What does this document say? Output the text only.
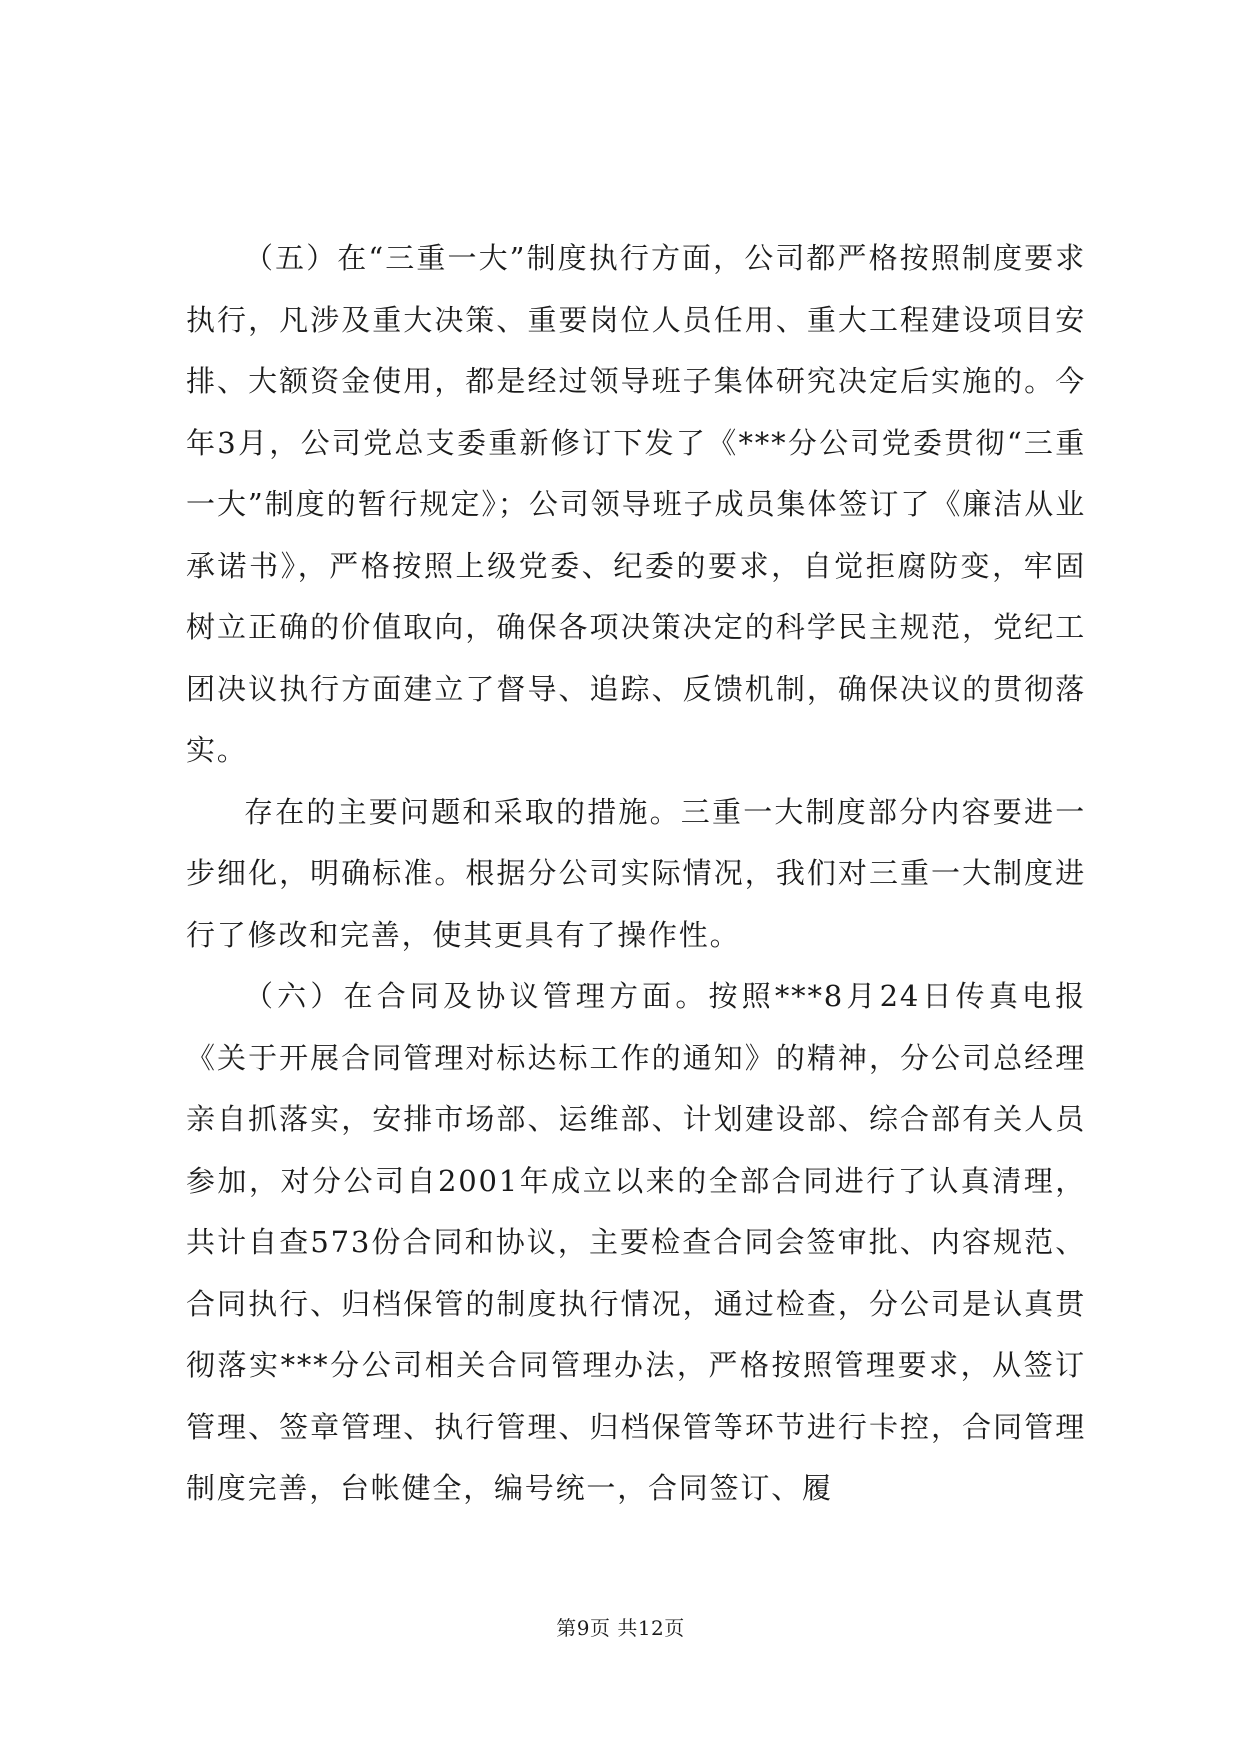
（五）在“三重一大”制度执行方面，公司都严格按照制度要求执行，凡涉及重大决策、重要岗位人员任用、重大工程建设项目安排、大额资金使用，都是经过领导班子集体研究决定后实施的。今年3月，公司党总支委重新修订下发了《***分公司党委贯彻“三重一大”制度的暂行规定》；公司领导班子成员集体签订了《廉洁从业承诺书》，严格按照上级党委、纪委的要求，自觉拒腐防变，牢固树立正确的价值取向，确保各项决策决定的科学民主规范，党纪工团决议执行方面建立了督导、追踪、反馈机制，确保决议的贯彻落实。

存在的主要问题和采取的措施。三重一大制度部分内容要进一步细化，明确标准。根据分公司实际情况，我们对三重一大制度进行了修改和完善，使其更具有了操作性。

（六）在合同及协议管理方面。按照***8月24日传真电报《关于开展合同管理对标达标工作的通知》的精神，分公司总经理亲自抓落实，安排市场部、运维部、计划建设部、综合部有关人员参加，对分公司自2001年成立以来的全部合同进行了认真清理，共计自查573份合同和协议，主要检查合同会签审批、内容规范、合同执行、归档保管的制度执行情况，通过检查，分公司是认真贯彻落实***分公司相关合同管理办法，严格按照管理要求，从签订管理、签章管理、执行管理、归档保管等环节进行卡控，合同管理制度完善，台帐健全，编号统一，合同签订、履

第9页 共12页
